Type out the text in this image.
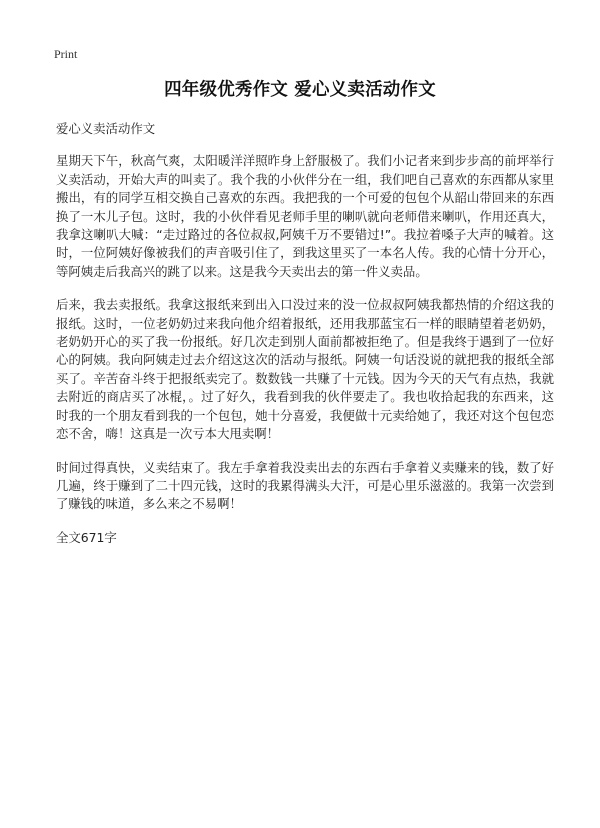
Print
四年级优秀作文 爱心义卖活动作文

爱心义卖活动作文

星期天下午，秋高气爽，太阳暖洋洋照昨身上舒服极了。我们小记者来到步步高的前坪举行义卖活动，开始大声的叫卖了。我个我的小伙伴分在一组，我们吧自己喜欢的东西都从家里搬出，有的同学互相交换自己喜欢的东西。我把我的一个可爱的包包个从韶山带回来的东西换了一木儿子包。这时，我的小伙伴看见老师手里的喇叭就向老师借来喇叭，作用还真大，我拿这喇叭大喊：“走过路过的各位叔叔,阿姨千万不要错过!”。我拉着嗓子大声的喊着。这时，一位阿姨好像被我们的声音吸引住了，到我这里买了一本名人传。我的心情十分开心，等阿姨走后我高兴的跳了以来。这是我今天卖出去的第一件义卖品。

后来，我去卖报纸。我拿这报纸来到出入口没过来的没一位叔叔阿姨我都热情的介绍这我的报纸。这时，一位老奶奶过来我向他介绍着报纸，还用我那蓝宝石一样的眼睛望着老奶奶，老奶奶开心的买了我一份报纸。好几次走到别人面前都被拒绝了。但是我终于遇到了一位好心的阿姨。我向阿姨走过去介绍这这次的活动与报纸。阿姨一句话没说的就把我的报纸全部买了。辛苦奋斗终于把报纸卖完了。数数钱一共赚了十元钱。因为今天的天气有点热，我就去附近的商店买了冰棍，。过了好久，我看到我的伙伴要走了。我也收拾起我的东西来，这时我的一个朋友看到我的一个包包，她十分喜爱，我便做十元卖给她了，我还对这个包包恋恋不舍，嗨！这真是一次亏本大甩卖啊！

时间过得真快，义卖结束了。我左手拿着我没卖出去的东西右手拿着义卖赚来的钱，数了好几遍，终于赚到了二十四元钱，这时的我累得满头大汗，可是心里乐滋滋的。我第一次尝到了赚钱的味道，多么来之不易啊！

全文671字
